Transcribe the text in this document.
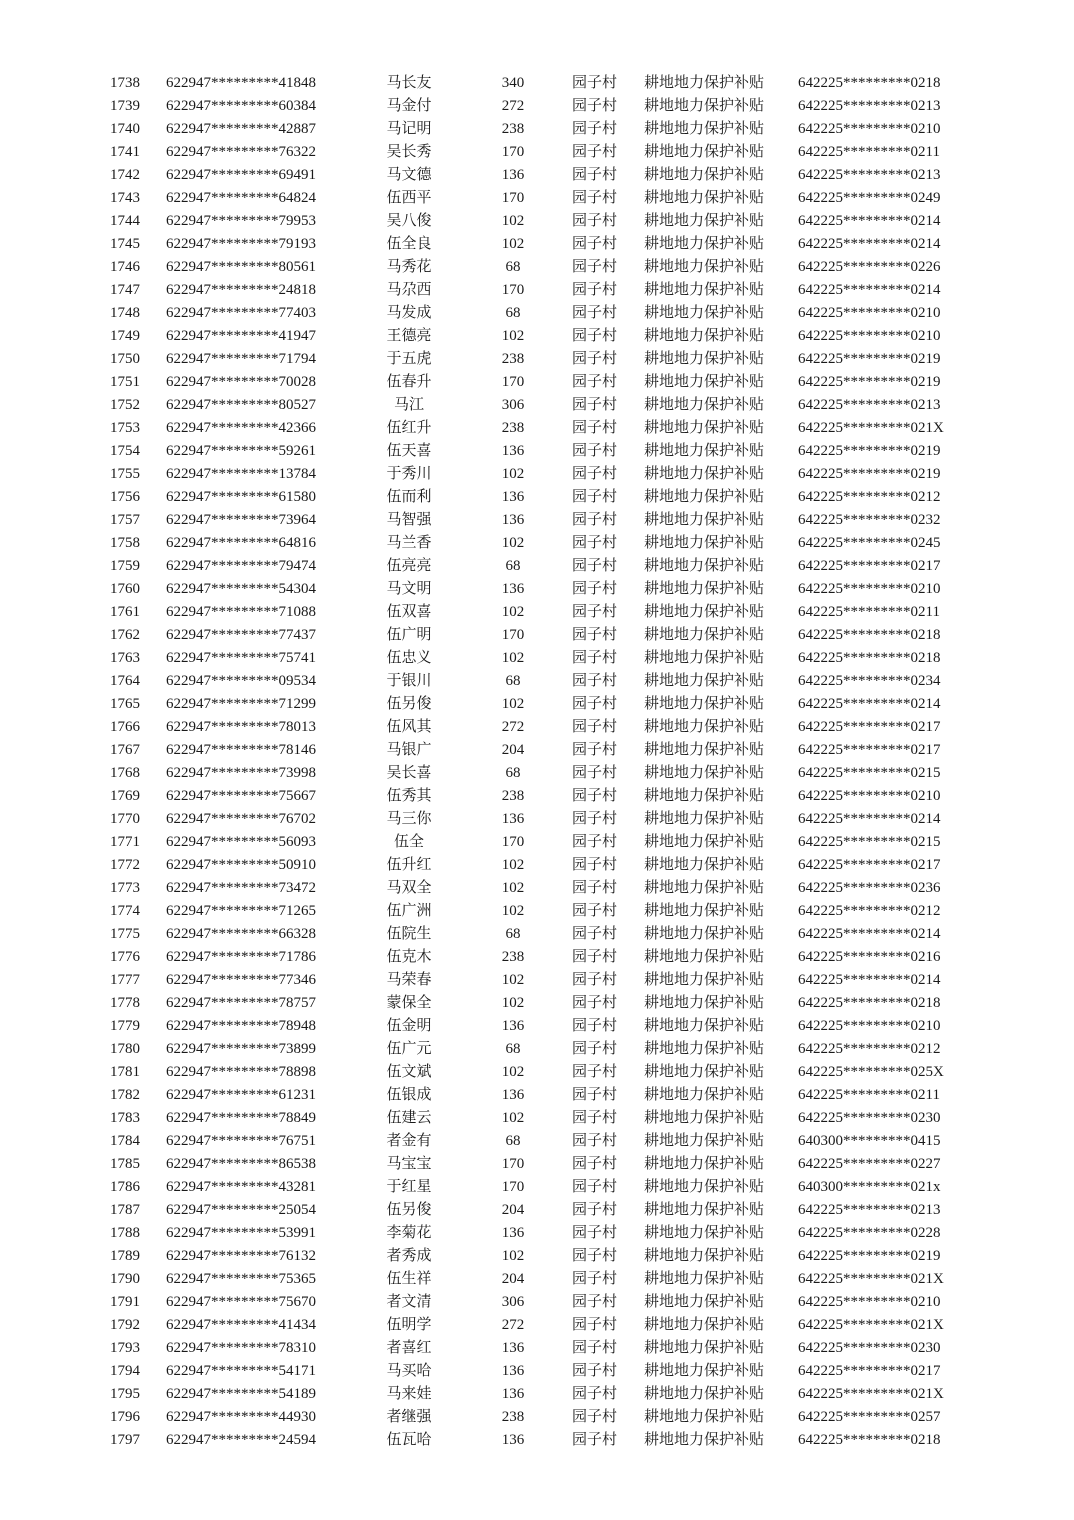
1738 622947*********41848	马长友	340	园子村 耕地地力保护补贴 642225*********0218
1739 622947*********60384	马金付	272	园子村 耕地地力保护补贴 642225*********0213
1740 622947*********42887	马记明	238	园子村 耕地地力保护补贴 642225*********0210
1741 622947*********76322	吴长秀	170	园子村 耕地地力保护补贴 642225*********0211
1742 622947*********69491	马文德	136	园子村 耕地地力保护补贴 642225*********0213
1743 622947*********64824	伍西平	170	园子村 耕地地力保护补贴 642225*********0249
1744 622947*********79953	吴八俊	102	园子村 耕地地力保护补贴 642225*********0214
1745 622947*********79193	伍全良	102	园子村 耕地地力保护补贴 642225*********0214
1746 622947*********80561	马秀花	68	园子村 耕地地力保护补贴 642225*********0226
1747 622947*********24818	马尕西	170	园子村 耕地地力保护补贴 642225*********0214
1748 622947*********77403	马发成	68	园子村 耕地地力保护补贴 642225*********0210
1749 622947*********41947	王德亮	102	园子村 耕地地力保护补贴 642225*********0210
1750 622947*********71794	于五虎	238	园子村 耕地地力保护补贴 642225*********0219
1751 622947*********70028	伍春升	170	园子村 耕地地力保护补贴 642225*********0219
1752 622947*********80527	马江	306	园子村 耕地地力保护补贴 642225*********0213
1753 622947*********42366	伍红升	238	园子村 耕地地力保护补贴 642225*********021X
1754 622947*********59261	伍天喜	136	园子村 耕地地力保护补贴 642225*********0219
1755 622947*********13784	于秀川	102	园子村 耕地地力保护补贴 642225*********0219
1756 622947*********61580	伍而利	136	园子村 耕地地力保护补贴 642225*********0212
1757 622947*********73964	马智强	136	园子村 耕地地力保护补贴 642225*********0232
1758 622947*********64816	马兰香	102	园子村 耕地地力保护补贴 642225*********0245
1759 622947*********79474	伍亮亮	68	园子村 耕地地力保护补贴 642225*********0217
1760 622947*********54304	马文明	136	园子村 耕地地力保护补贴 642225*********0210
1761 622947*********71088	伍双喜	102	园子村 耕地地力保护补贴 642225*********0211
1762 622947*********77437	伍广明	170	园子村 耕地地力保护补贴 642225*********0218
1763 622947*********75741	伍忠义	102	园子村 耕地地力保护补贴 642225*********0218
1764 622947*********09534	于银川	68	园子村 耕地地力保护补贴 642225*********0234
1765 622947*********71299	伍另俊	102	园子村 耕地地力保护补贴 642225*********0214
1766 622947*********78013	伍风其	272	园子村 耕地地力保护补贴 642225*********0217
1767 622947*********78146	马银广	204	园子村 耕地地力保护补贴 642225*********0217
1768 622947*********73998	吴长喜	68	园子村 耕地地力保护补贴 642225*********0215
1769 622947*********75667	伍秀其	238	园子村 耕地地力保护补贴 642225*********0210
1770 622947*********76702	马三你	136	园子村 耕地地力保护补贴 642225*********0214
1771 622947*********56093	伍全	170	园子村 耕地地力保护补贴 642225*********0215
1772 622947*********50910	伍升红	102	园子村 耕地地力保护补贴 642225*********0217
1773 622947*********73472	马双全	102	园子村 耕地地力保护补贴 642225*********0236
1774 622947*********71265	伍广洲	102	园子村 耕地地力保护补贴 642225*********0212
1775 622947*********66328	伍院生	68	园子村 耕地地力保护补贴 642225*********0214
1776 622947*********71786	伍克木	238	园子村 耕地地力保护补贴 642225*********0216
1777 622947*********77346	马荣春	102	园子村 耕地地力保护补贴 642225*********0214
1778 622947*********78757	蒙保全	102	园子村 耕地地力保护补贴 642225*********0218
1779 622947*********78948	伍金明	136	园子村 耕地地力保护补贴 642225*********0210
1780 622947*********73899	伍广元	68	园子村 耕地地力保护补贴 642225*********0212
1781 622947*********78898	伍文斌	102	园子村 耕地地力保护补贴 642225*********025X
1782 622947*********61231	伍银成	136	园子村 耕地地力保护补贴 642225*********0211
1783 622947*********78849	伍建云	102	园子村 耕地地力保护补贴 642225*********0230
1784 622947*********76751	者金有	68	园子村 耕地地力保护补贴 640300*********0415
1785 622947*********86538	马宝宝	170	园子村 耕地地力保护补贴 642225*********0227
1786 622947*********43281	于红星	170	园子村 耕地地力保护补贴 640300*********021x
1787 622947*********25054	伍另俊	204	园子村 耕地地力保护补贴 642225*********0213
1788 622947*********53991	李菊花	136	园子村 耕地地力保护补贴 642225*********0228
1789 622947*********76132	者秀成	102	园子村 耕地地力保护补贴 642225*********0219
1790 622947*********75365	伍生祥	204	园子村 耕地地力保护补贴 642225*********021X
1791 622947*********75670	者文清	306	园子村 耕地地力保护补贴 642225*********0210
1792 622947*********41434	伍明学	272	园子村 耕地地力保护补贴 642225*********021X
1793 622947*********78310	者喜红	136	园子村 耕地地力保护补贴 642225*********0230
1794 622947*********54171	马买哈	136	园子村 耕地地力保护补贴 642225*********0217
1795 622947*********54189	马来娃	136	园子村 耕地地力保护补贴 642225*********021X
1796 622947*********44930	者继强	238	园子村 耕地地力保护补贴 642225*********0257
1797 622947*********24594	伍瓦哈	136	园子村 耕地地力保护补贴 642225*********0218
